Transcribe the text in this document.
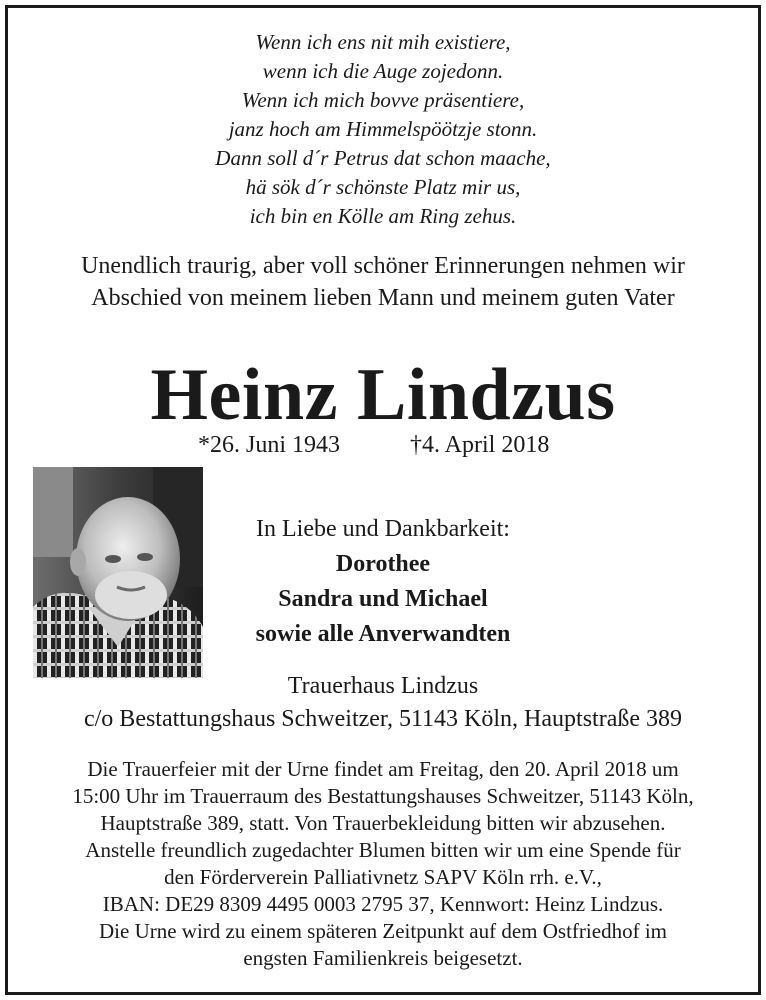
Wenn ich ens nit mih existiere,
wenn ich die Auge zojedonn.
Wenn ich mich bovve präsentiere,
janz hoch am Himmelspöötzje stonn.
Dann soll d´r Petrus dat schon maache,
hä sök d´r schönste Platz mir us,
ich bin en Kölle am Ring zehus.
Unendlich traurig, aber voll schöner Erinnerungen nehmen wir
Abschied von meinem lieben Mann und meinem guten Vater
Heinz Lindzus
*26. Juni 1943	†4. April 2018
In Liebe und Dankbarkeit:
Dorothee
Sandra und Michael
sowie alle Anverwandten
Trauerhaus Lindzus
c/o Bestattungshaus Schweitzer, 51143 Köln, Hauptstraße 389
Die Trauerfeier mit der Urne findet am Freitag, den 20. April 2018 um
15:00 Uhr im Trauerraum des Bestattungshauses Schweitzer, 51143 Köln,
Hauptstraße 389, statt. Von Trauerbekleidung bitten wir abzusehen.
Anstelle freundlich zugedachter Blumen bitten wir um eine Spende für
den Förderverein Palliativnetz SAPV Köln rrh. e.V.,
IBAN: DE29 8309 4495 0003 2795 37, Kennwort: Heinz Lindzus.
Die Urne wird zu einem späteren Zeitpunkt auf dem Ostfriedhof im
engsten Familienkreis beigesetzt.
